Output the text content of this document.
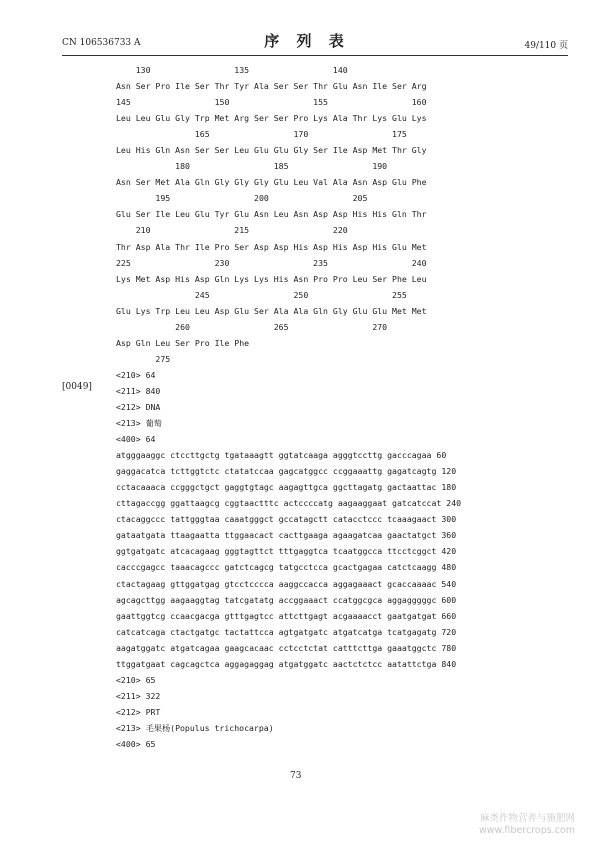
CN 106536733 A	序 列 表	49/110 页
130                 135                 140
Asn Ser Pro Ile Ser Thr Tyr Ala Ser Ser Thr Glu Asn Ile Ser Arg
145                 150                 155                 160
Leu Leu Glu Gly Trp Met Arg Ser Ser Pro Lys Ala Thr Lys Glu Lys
165                 170                 175
Leu His Gln Asn Ser Ser Leu Glu Glu Gly Ser Ile Asp Met Thr Gly
180                 185                 190
Asn Ser Met Ala Gln Gly Gly Gly Glu Leu Val Ala Asn Asp Glu Phe
195                 200                 205
Glu Ser Ile Leu Glu Tyr Glu Asn Leu Asn Asp Asp His His Gln Thr
210                 215                 220
Thr Asp Ala Thr Ile Pro Ser Asp Asp His Asp His Asp His Glu Met
225                 230                 235                 240
Lys Met Asp His Asp Gln Lys Lys His Asn Pro Pro Leu Ser Phe Leu
245                 250                 255
Glu Lys Trp Leu Leu Asp Glu Ser Ala Ala Gln Gly Glu Glu Met Met
260                 265                 270
Asp Gln Leu Ser Pro Ile Phe
275
<210> 64
<211> 840
<212> DNA
<213> 葡萄
<400> 64
atgggaaggc ctccttgctg tgataaagtt ggtatcaaga agggtccttg gacccagaa 60
gaggacatca tcttggtctc ctatatccaa gagcatggcc ccggaaattg gagatcagtg 120
cctacaaaca ccgggctgct gaggtgtagc aagagttgca ggcttagatg gactaattac 180
cttagaccgg ggattaagcg cggtaactttc actccccatg aagaaggaat gatcatccat 240
ctacaggccc tattgggtaa caaatgggct gccatagctt catacctccc tcaaagaact 300
gataatgata ttaagaatta ttggaacact cacttgaaga agaagatcaa gaactatgct 360
ggtgatgatc atcacagaag gggtagttct tttgaggtca tcaatggcca ttcctcggct 420
cacccgagcc taaacagccc gatctcagcg tatgcctcca gcactgagaa catctcaagg 480
ctactagaag gttggatgag gtcctcccca aaggccacca aggagaaact gcaccaaaac 540
agcagcttgg aagaaggtag tatcgatatg accggaaact ccatggcgca aggagggggc 600
gaattggtcg ccaacgacga gtttgagtcc attcttgagt acgaaaacct gaatgatgat 660
catcatcaga ctactgatgc tactattcca agtgatgatc atgatcatga tcatgagatg 720
aagatggatc atgatcagaa gaagcacaac cctcctctat catttcttga gaaatggctc 780
ttggatgaat cagcagctca aggagaggag atgatggatc aactctctcc aatattctga 840
<210> 65
<211> 322
<212> PRT
<213> 毛果杨(Populus trichocarpa)
<400> 65
[0049]
73
麻类作物营养与施肥网
www.fibercrops.com
